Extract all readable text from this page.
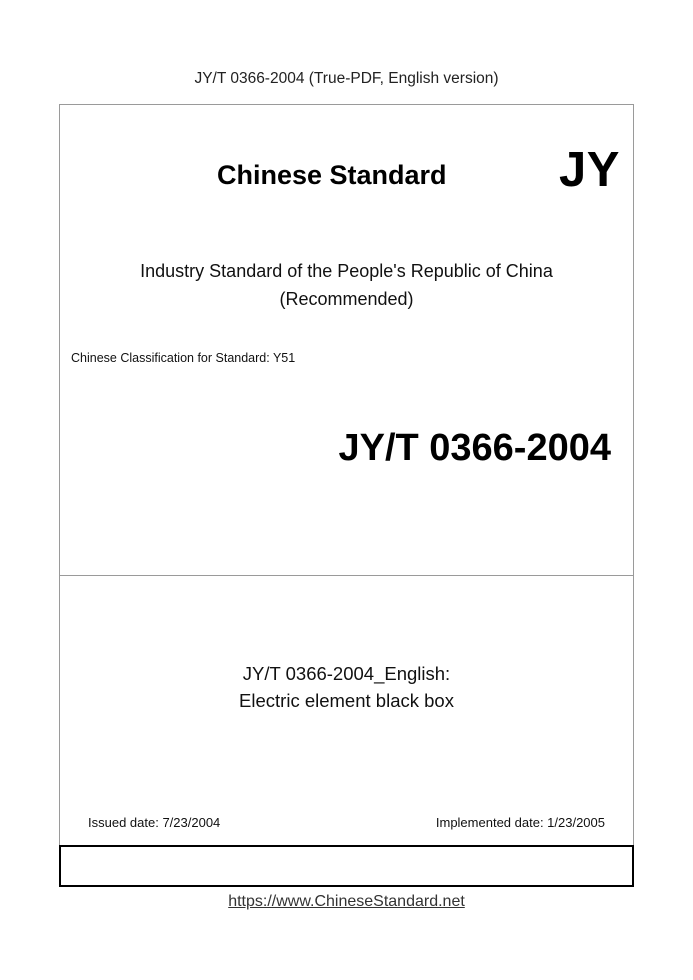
JY/T 0366-2004 (True-PDF, English version)
Chinese Standard JY
Industry Standard of the People's Republic of China
(Recommended)
Chinese Classification for Standard: Y51
JY/T 0366-2004
JY/T 0366-2004_English:
Electric element black box
Issued date: 7/23/2004	Implemented date: 1/23/2005
https://www.ChineseStandard.net
